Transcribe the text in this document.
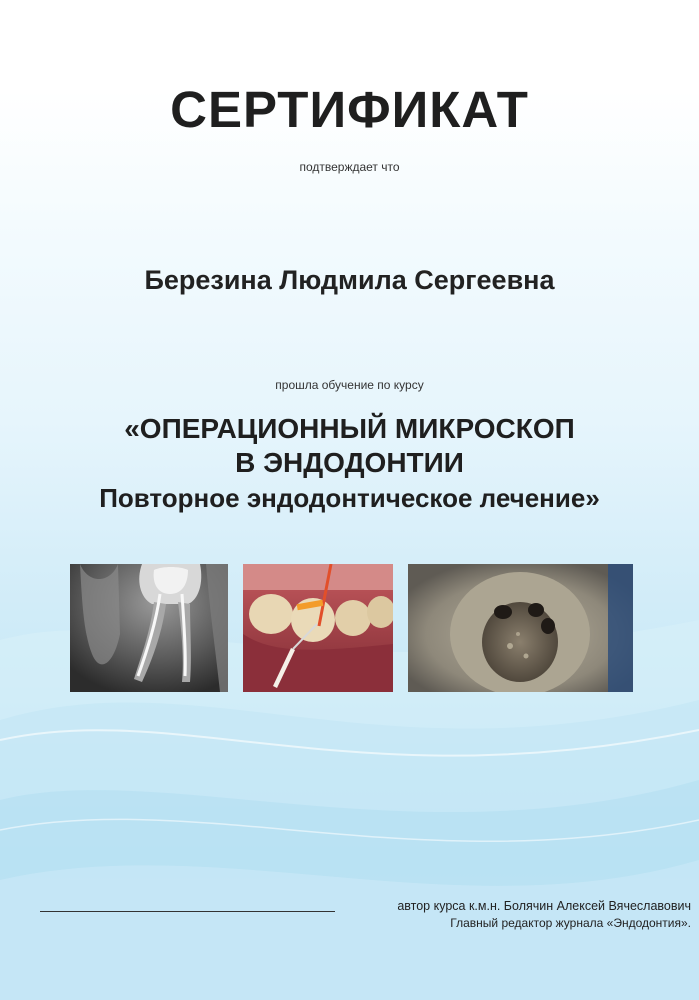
СЕРТИФИКАТ
подтверждает что
Березина Людмила Сергеевна
прошла обучение по курсу
«ОПЕРАЦИОННЫЙ МИКРОСКОП
В ЭНДОДОНТИИ
Повторное эндодонтическое лечение»
автор курса к.м.н. Болячин Алексей Вячеславович
Главный редактор журнала «Эндодонтия».
